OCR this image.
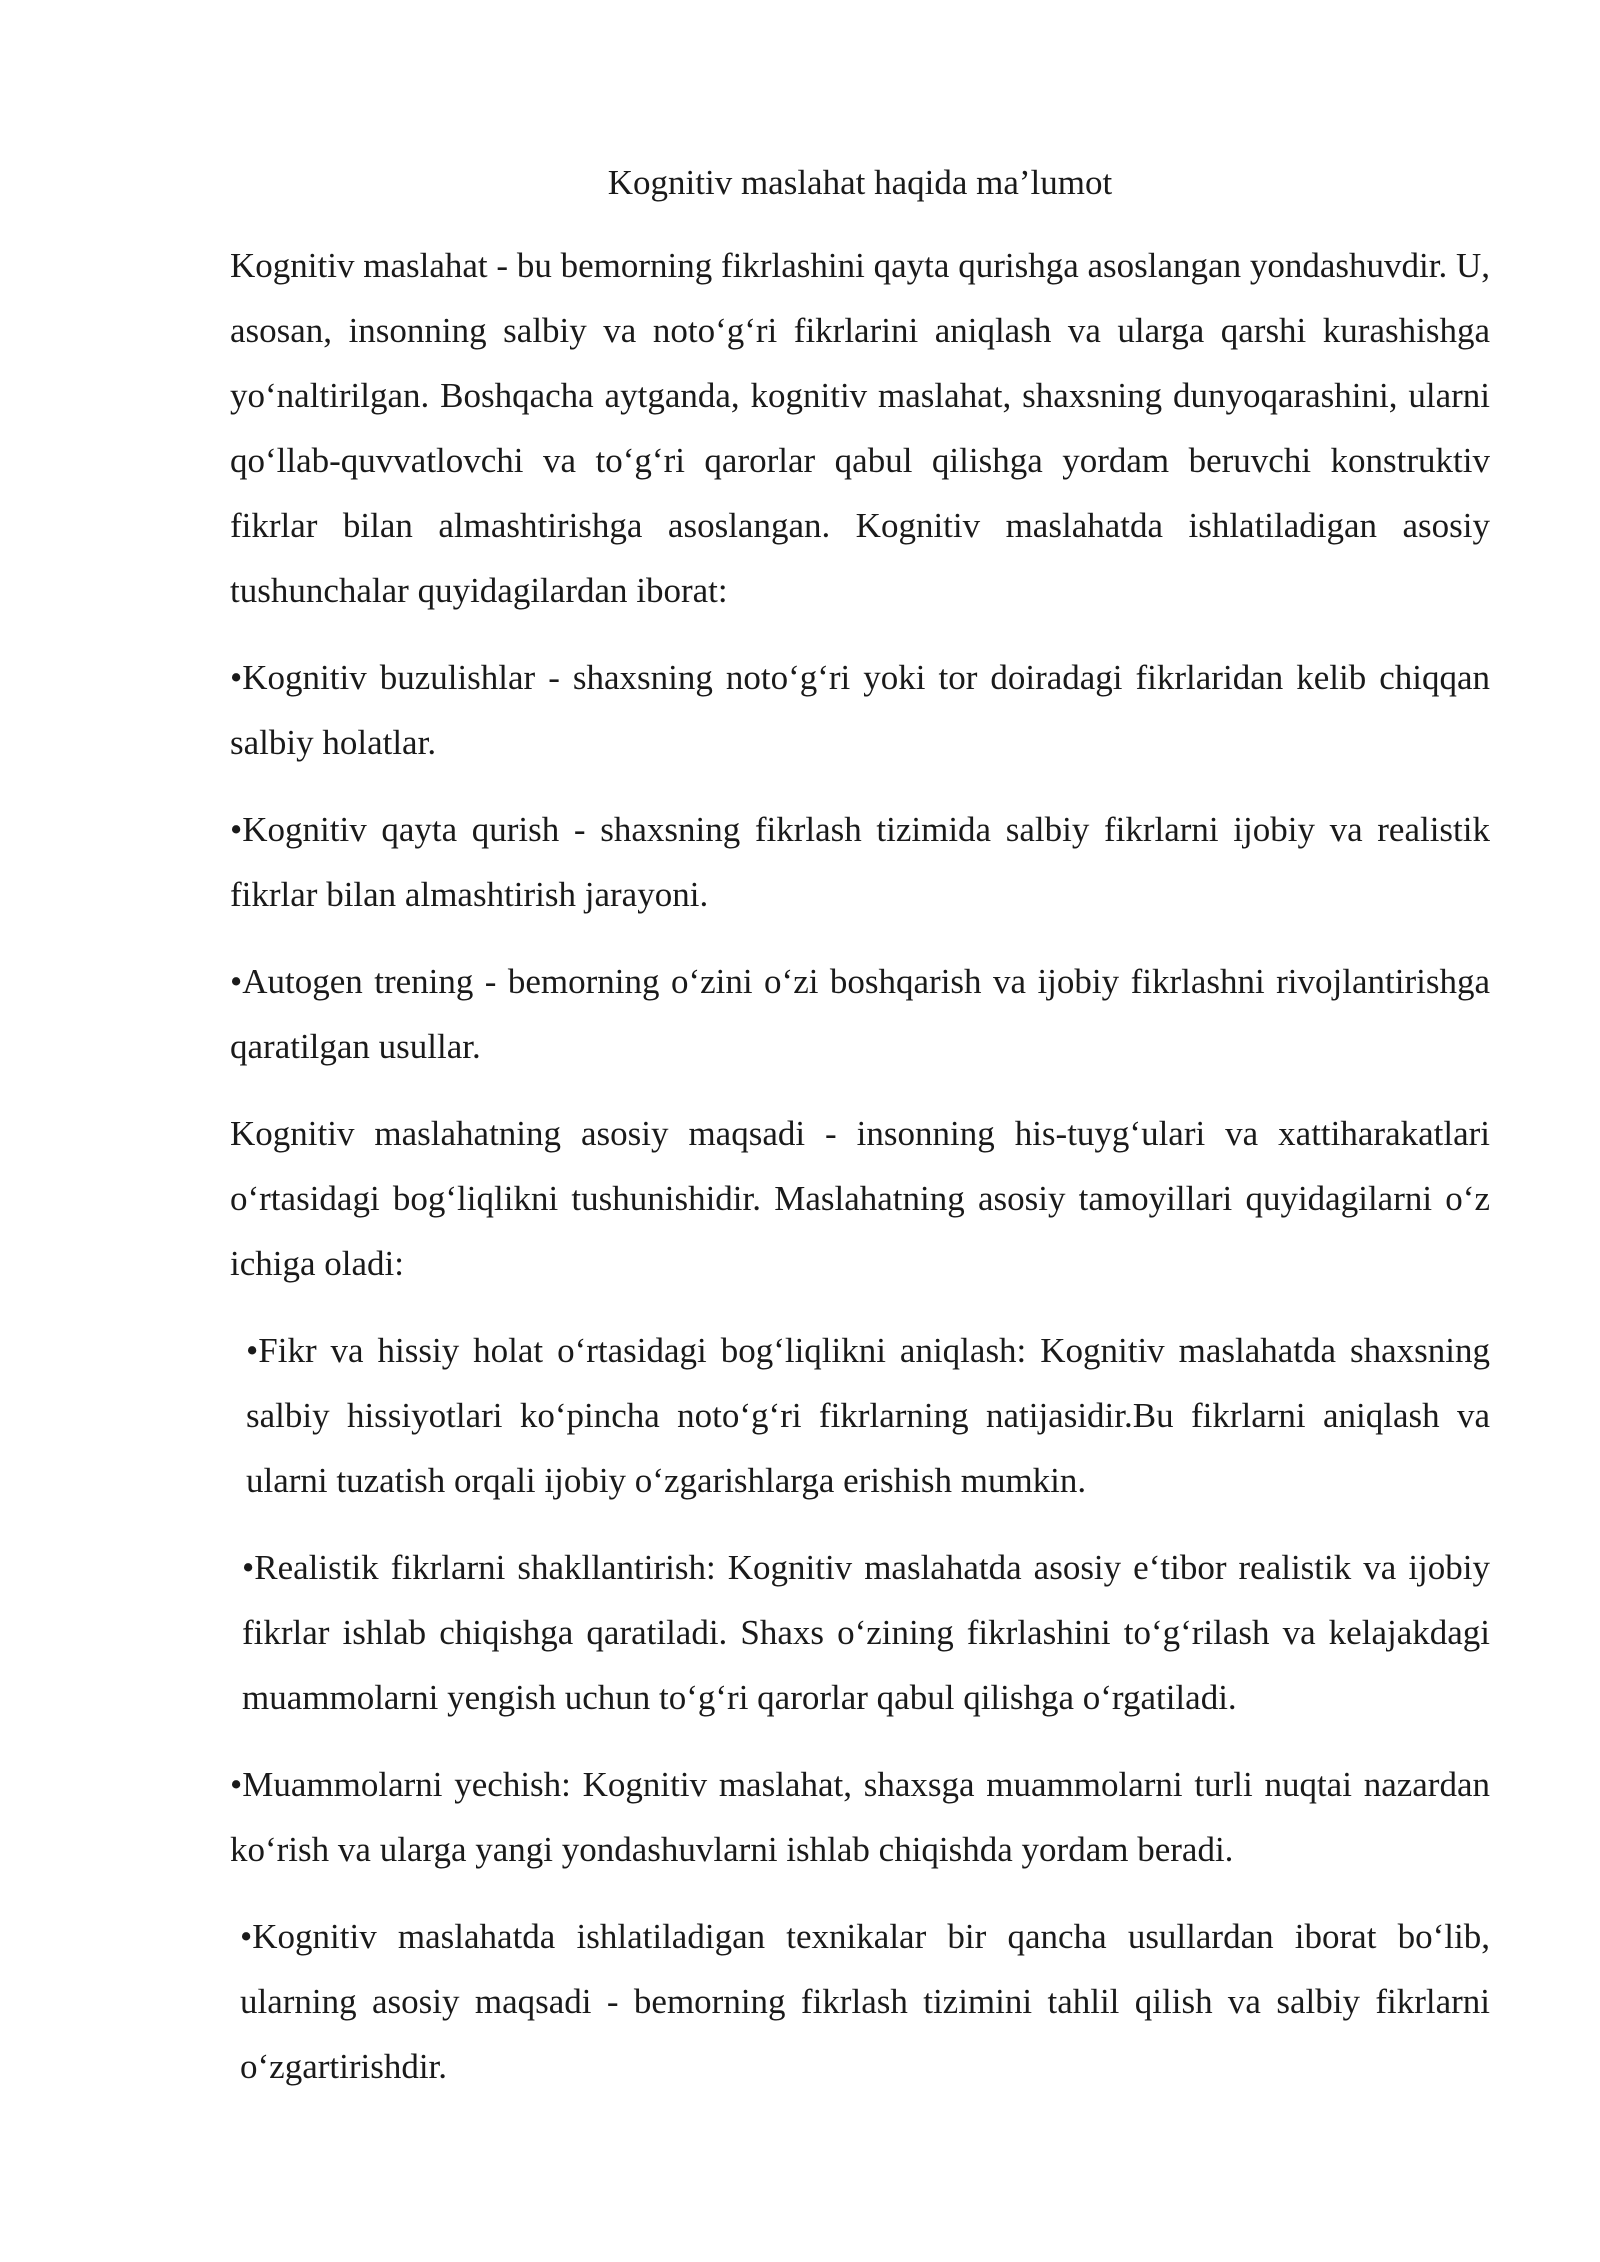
Kognitiv maslahat haqida ma’lumot

Kognitiv maslahat - bu bemorning fikrlashini qayta qurishga asoslangan yondashuvdir. U, asosan, insonning salbiy va noto‘g‘ri fikrlarini aniqlash va ularga qarshi kurashishga yo‘naltirilgan. Boshqacha aytganda, kognitiv maslahat, shaxsning dunyoqarashini, ularni qo‘llab-quvvatlovchi va to‘g‘ri qarorlar qabul qilishga yordam beruvchi konstruktiv fikrlar bilan almashtirishga asoslangan. Kognitiv maslahatda ishlatiladigan asosiy tushunchalar quyidagilardan iborat:

•Kognitiv buzulishlar - shaxsning noto‘g‘ri yoki tor doiradagi fikrlaridan kelib chiqqan salbiy holatlar.

•Kognitiv qayta qurish - shaxsning fikrlash tizimida salbiy fikrlarni ijobiy va realistik fikrlar bilan almashtirish jarayoni.

•Autogen trening - bemorning o‘zini o‘zi boshqarish va ijobiy fikrlashni rivojlantirishga qaratilgan usullar.

Kognitiv maslahatning asosiy maqsadi - insonning his-tuyg‘ulari va xattiharakatlari o‘rtasidagi bog‘liqlikni tushunishidir. Maslahatning asosiy tamoyillari quyidagilarni o‘z ichiga oladi:

•Fikr va hissiy holat o‘rtasidagi bog‘liqlikni aniqlash: Kognitiv maslahatda shaxsning salbiy hissiyotlari ko‘pincha noto‘g‘ri fikrlarning natijasidir.Bu fikrlarni aniqlash va ularni tuzatish orqali ijobiy o‘zgarishlarga erishish mumkin.

•Realistik fikrlarni shakllantirish: Kognitiv maslahatda asosiy e‘tibor realistik va ijobiy fikrlar ishlab chiqishga qaratiladi. Shaxs o‘zining fikrlashini to‘g‘rilash va kelajakdagi muammolarni yengish uchun to‘g‘ri qarorlar qabul qilishga o‘rgatiladi.

•Muammolarni yechish: Kognitiv maslahat, shaxsga muammolarni turli nuqtai nazardan ko‘rish va ularga yangi yondashuvlarni ishlab chiqishda yordam beradi.

•Kognitiv maslahatda ishlatiladigan texnikalar bir qancha usullardan iborat bo‘lib, ularning asosiy maqsadi - bemorning fikrlash tizimini tahlil qilish va salbiy fikrlarni o‘zgartirishdir.
